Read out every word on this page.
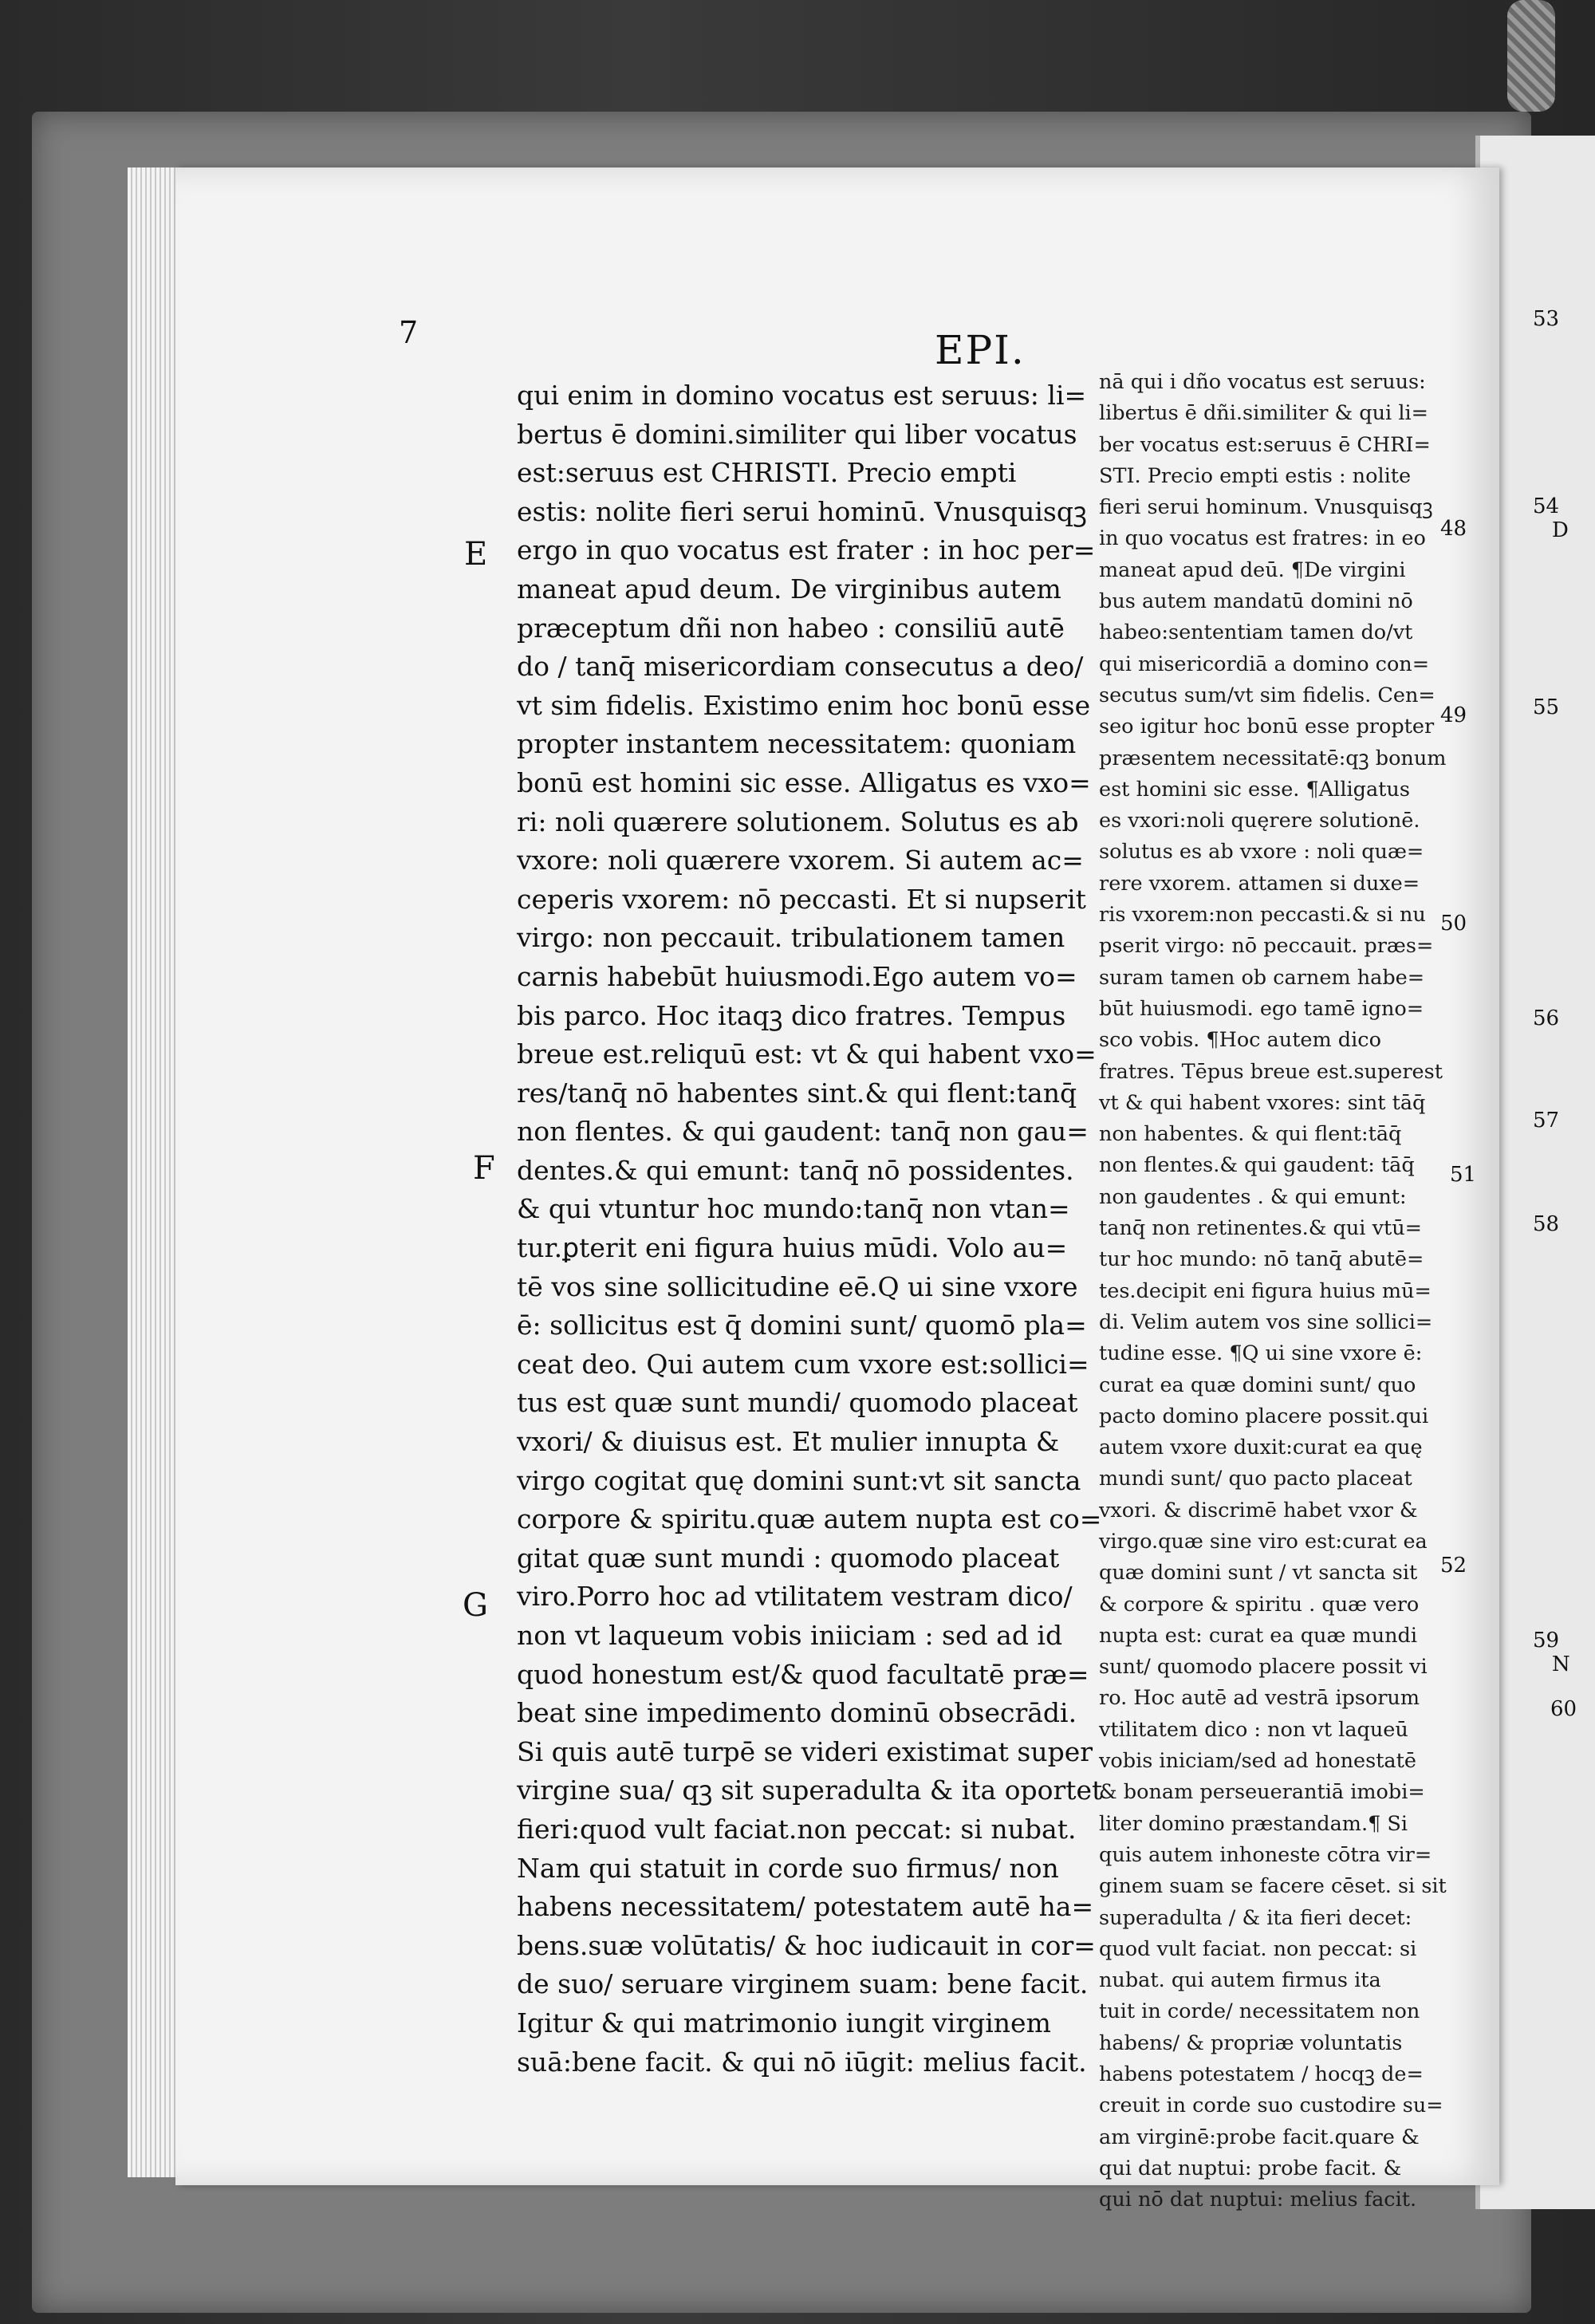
7	EPI.
qui enim in domino vocatus est seruus: li=
bertus ē domini.similiter qui liber vocatus
est:seruus est CHRISTI. Precio empti
estis: nolite fieri serui hominū. Vnusquisqꝫ
ergo in quo vocatus est frater : in hoc per=
maneat apud deum. De virginibus autem
præceptum dñi non habeo : consiliū autē
do / tanq̄ misericordiam consecutus a deo/
vt sim fidelis. Existimo enim hoc bonū esse
propter instantem necessitatem: quoniam
bonū est homini sic esse. Alligatus es vxo=
ri: noli quærere solutionem. Solutus es ab
vxore: noli quærere vxorem. Si autem ac=
ceperis vxorem: nō peccasti. Et si nupserit
virgo: non peccauit. tribulationem tamen
carnis habebūt huiusmodi.Ego autem vo=
bis parco. Hoc itaqꝫ dico fratres. Tempus
breue est.reliquū est: vt & qui habent vxo=
res/tanq̄ nō habentes sint.& qui flent:tanq̄
non flentes. & qui gaudent: tanq̄ non gau=
dentes.& qui emunt: tanq̄ nō possidentes.
& qui vtuntur hoc mundo:tanq̄ non vtan=
tur.ꝑterit eni figura huius mūdi. Volo au=
tē vos sine sollicitudine eē.Q ui sine vxore
ē: sollicitus est q̄ domini sunt/ quomō pla=
ceat deo. Qui autem cum vxore est:sollici=
tus est quæ sunt mundi/ quomodo placeat
vxori/ & diuisus est. Et mulier innupta &
virgo cogitat quę domini sunt:vt sit sancta
corpore & spiritu.quæ autem nupta est co=
gitat quæ sunt mundi : quomodo placeat
viro.Porro hoc ad vtilitatem vestram dico/
non vt laqueum vobis iniiciam : sed ad id
quod honestum est/& quod facultatē præ=
beat sine impedimento dominū obsecrādi.
Si quis autē turpē se videri existimat super
virgine sua/ qꝫ sit superadulta & ita oportet
fieri:quod vult faciat.non peccat: si nubat.
Nam qui statuit in corde suo firmus/ non
habens necessitatem/ potestatem autē ha=
bens.suæ volūtatis/ & hoc iudicauit in cor=
de suo/ seruare virginem suam: bene facit.
Igitur & qui matrimonio iungit virginem
suā:bene facit. & qui nō iūgit: melius facit.
nā qui i dño vocatus est seruus:
libertus ē dñi.similiter & qui li=
ber vocatus est:seruus ē CHRI=
STI. Precio empti estis : nolite
fieri serui hominum. Vnusquisqꝫ
in quo vocatus est fratres: in eo
maneat apud deū. ¶De virgini
bus autem mandatū domini nō
habeo:sententiam tamen do/vt
qui misericordiā a domino con=
secutus sum/vt sim fidelis. Cen=
seo igitur hoc bonū esse propter
præsentem necessitatē:qꝫ bonum
est homini sic esse. ¶Alligatus
es vxori:noli quęrere solutionē.
solutus es ab vxore : noli quæ=
rere vxorem. attamen si duxe=
ris vxorem:non peccasti.& si nu
pserit virgo: nō peccauit. præs=
suram tamen ob carnem habe=
būt huiusmodi. ego tamē igno=
sco vobis. ¶Hoc autem dico
fratres. Tēpus breue est.superest
vt & qui habent vxores: sint tāq̄
non habentes. & qui flent:tāq̄
non flentes.& qui gaudent: tāq̄
non gaudentes . & qui emunt:
tanq̄ non retinentes.& qui vtū=
tur hoc mundo: nō tanq̄ abutē=
tes.decipit eni figura huius mū=
di. Velim autem vos sine sollici=
tudine esse. ¶Q ui sine vxore ē:
curat ea quæ domini sunt/ quo
pacto domino placere possit.qui
autem vxore duxit:curat ea quę
mundi sunt/ quo pacto placeat
vxori. & discrimē habet vxor &
virgo.quæ sine viro est:curat ea
quæ domini sunt / vt sancta sit
& corpore & spiritu . quæ vero
nupta est: curat ea quæ mundi
sunt/ quomodo placere possit vi
ro. Hoc autē ad vestrā ipsorum
vtilitatem dico : non vt laqueū
vobis iniciam/sed ad honestatē
& bonam perseuerantiā imobi=
liter domino præstandam.¶ Si
quis autem inhoneste cōtra vir=
ginem suam se facere cēset. si sit
superadulta / & ita fieri decet:
quod vult faciat. non peccat: si
nubat. qui autem firmus ita
tuit in corde/ necessitatem non
habens/ & propriæ voluntatis
habens potestatem / hocqꝫ de=
creuit in corde suo custodire su=
am virginē:probe facit.quare &
qui dat nuptui: probe facit. &
qui nō dat nuptui: melius facit.
E
F
G
48
49
50
51
52
53
54
D
55
56
57
58
59
N
60
